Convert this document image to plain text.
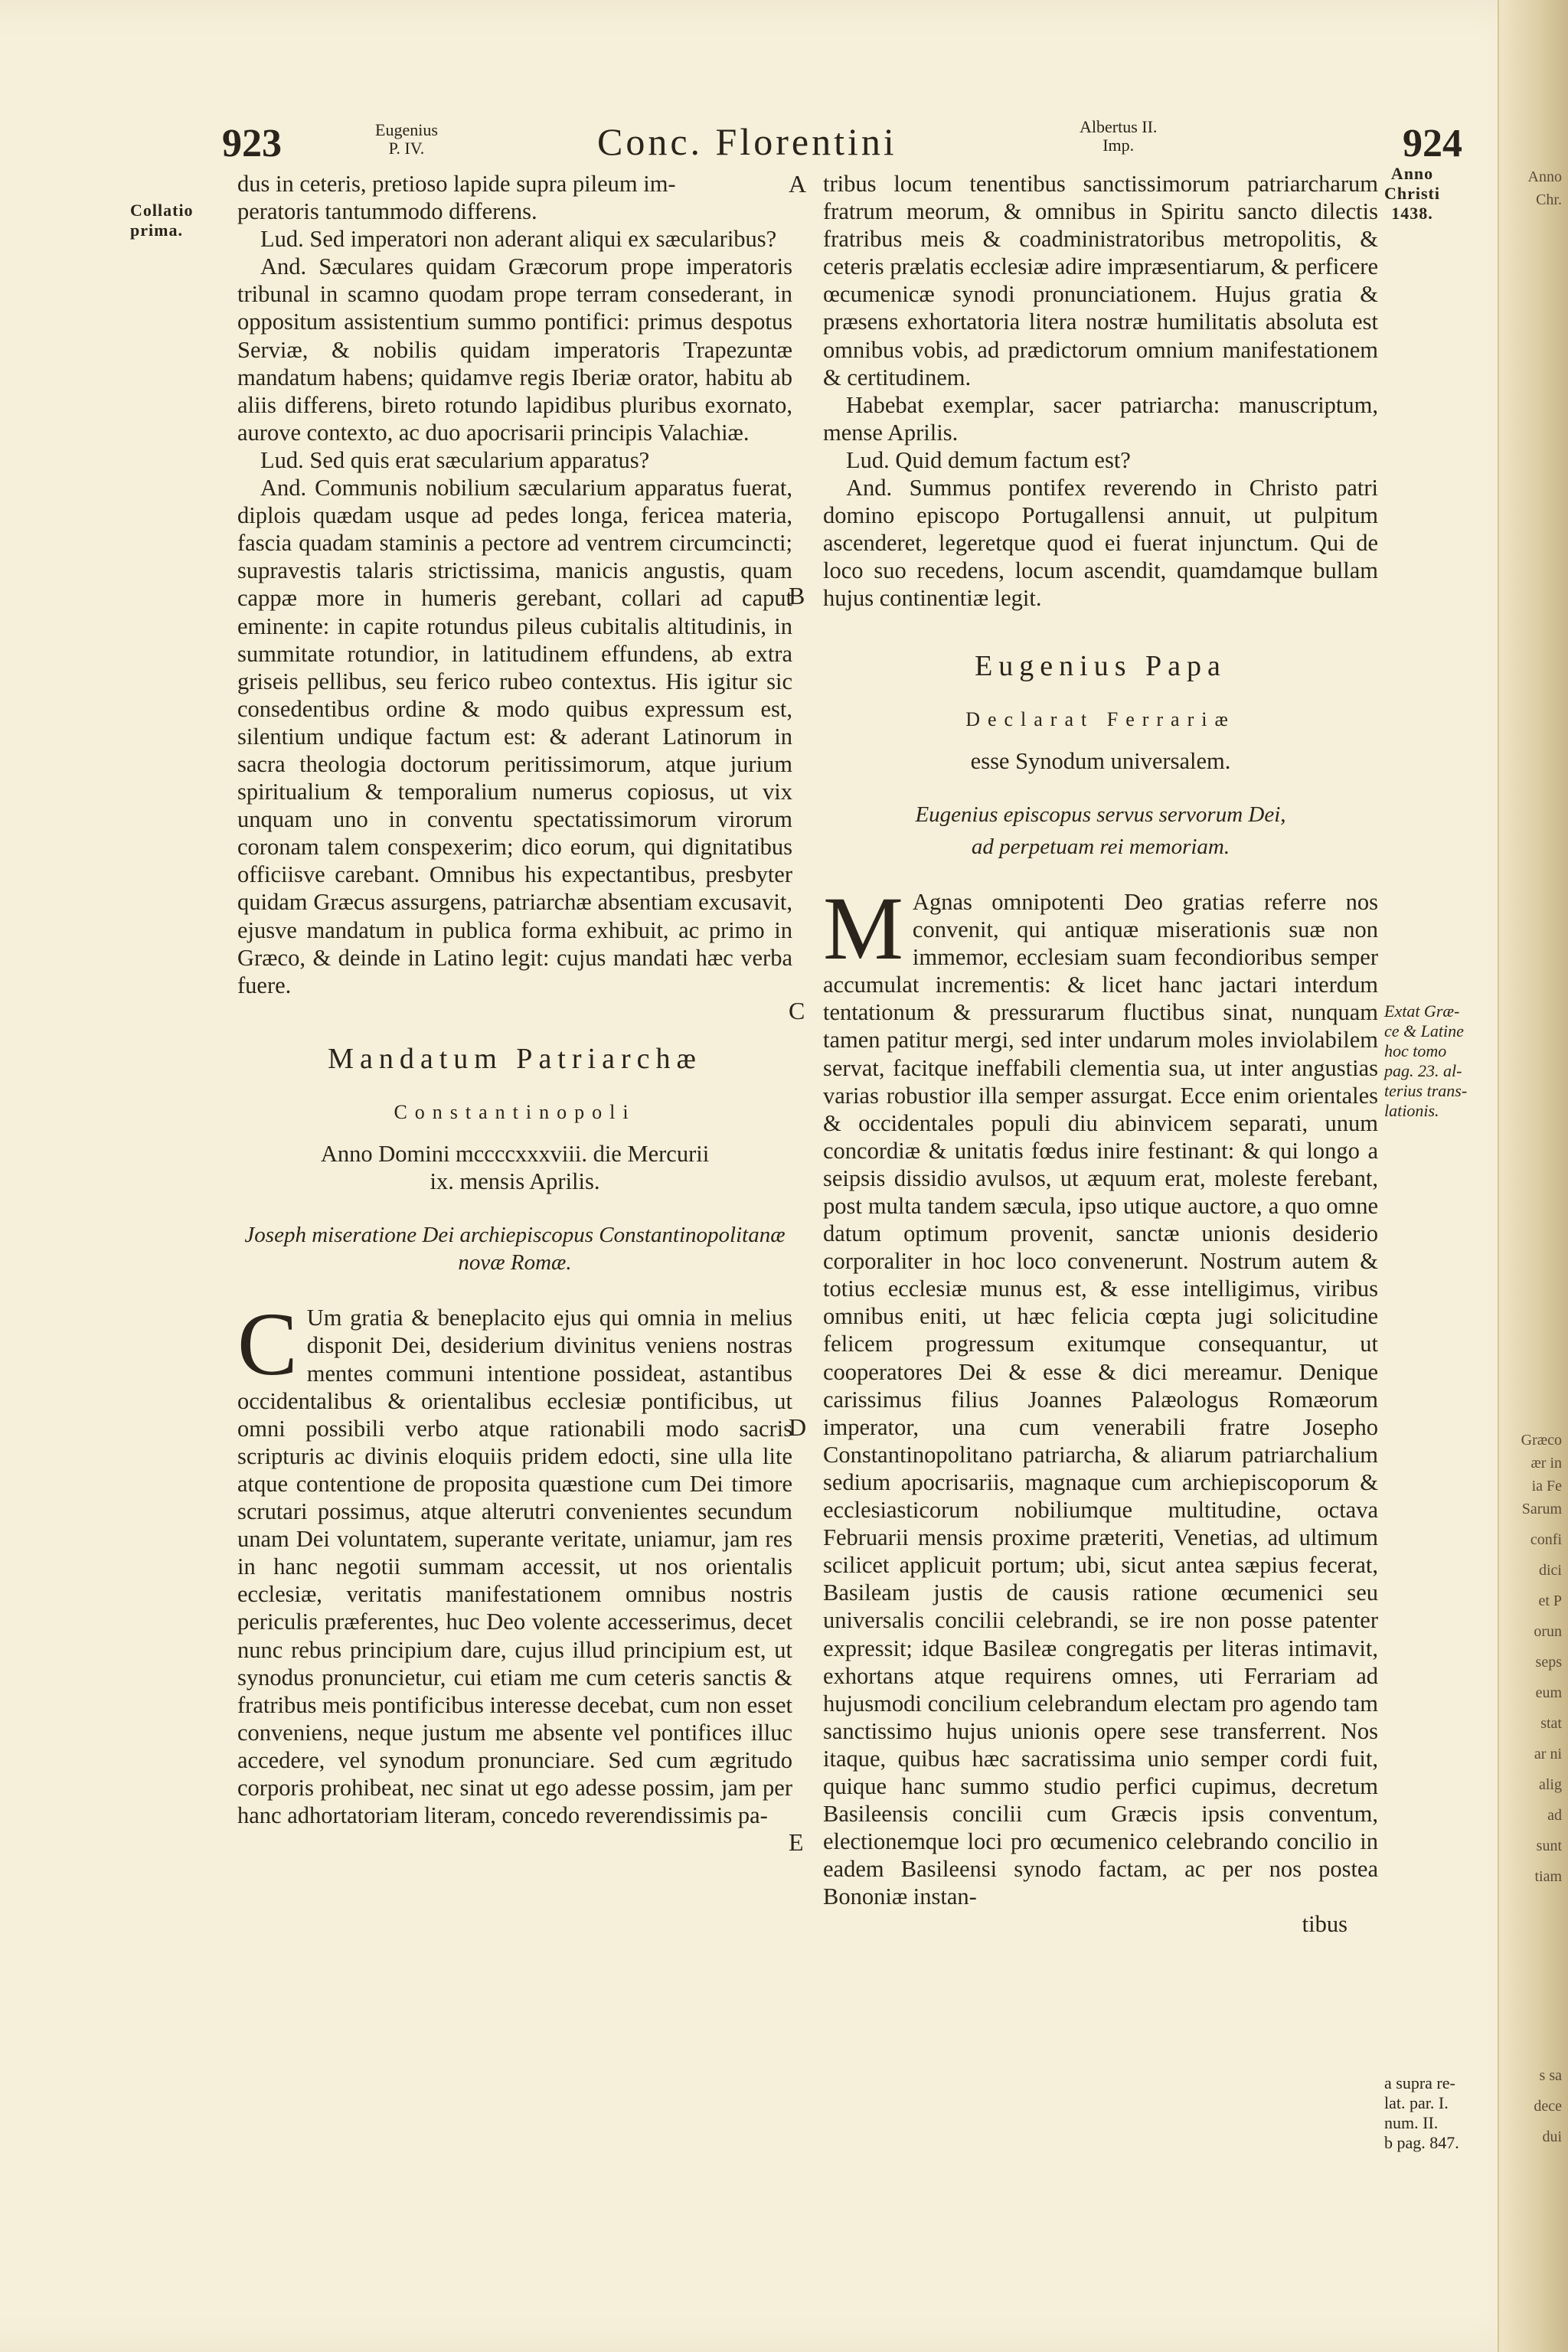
Anno
Chr.
Græco
ær in
ia Fe
Sarum
confi
dici
et P
orun
seps
eum
stat
ar ni
alig
ad
sunt
tiam
s sa
dece
dui
923	Eugenius
P. IV.	Conc. Florentini	Albertus II.
Imp.	924
Collatio
prima.
Anno
Christi
1438.
Extat Græ-
ce & Latine
hoc tomo
pag. 23. al-
terius trans-
lationis.
a supra re-
lat. par. I.
num. II.
b pag. 847.
A
B
C
D
E

dus in ceteris, pretioso lapide supra pileum im-

peratoris tantummodo differens.

Lud. Sed imperatori non aderant aliqui ex sæcularibus?

And. Sæculares quidam Græcorum prope imperatoris tribunal in scamno quodam prope terram consederant, in oppositum assistentium summo pontifici: primus despotus Serviæ, & nobilis quidam imperatoris Trapezuntæ mandatum habens; quidamve regis Iberiæ orator, habitu ab aliis differens, bireto rotundo lapidibus pluribus exornato, aurove contexto, ac duo apocrisarii principis Valachiæ.

Lud. Sed quis erat sæcularium apparatus?

And. Communis nobilium sæcularium apparatus fuerat, diplois quædam usque ad pedes longa, fericea materia, fascia quadam staminis a pectore ad ventrem circumcincti; supravestis talaris strictissima, manicis angustis, quam cappæ more in humeris gerebant, collari ad caput eminente: in capite rotundus pileus cubitalis altitudinis, in summitate rotundior, in latitudinem effundens, ab extra griseis pellibus, seu ferico rubeo contextus. His igitur sic consedentibus ordine & modo quibus expressum est, silentium undique factum est: & aderant Latinorum in sacra theologia doctorum peritissimorum, atque jurium spiritualium & temporalium numerus copiosus, ut vix unquam uno in conventu spectatissimorum virorum coronam talem conspexerim; dico eorum, qui dignitatibus officiisve carebant. Omnibus his expectantibus, presbyter quidam Græcus assurgens, patriarchæ absentiam excusavit, ejusve mandatum in publica forma exhibuit, ac primo in Græco, & deinde in Latino legit: cujus mandati hæc verba fuere.

Mandatum Patriarchæ
Constantinopoli
Anno Domini mccccxxxviii. die Mercurii
ix. mensis Aprilis.
Joseph miseratione Dei archiepiscopus Constantinopolitanæ novæ Romæ.

C Um gratia & beneplacito ejus qui omnia in melius disponit Dei, desiderium divinitus veniens nostras mentes communi intentione possideat, astantibus occidentalibus & orientalibus ecclesiæ pontificibus, ut omni possibili verbo atque rationabili modo sacris scripturis ac divinis eloquiis pridem edocti, sine ulla lite atque contentione de proposita quæstione cum Dei timore scrutari possimus, atque alterutri convenientes secundum unam Dei voluntatem, superante veritate, uniamur, jam res in hanc negotii summam accessit, ut nos orientalis ecclesiæ, veritatis manifestationem omnibus nostris periculis præferentes, huc Deo volente accesserimus, decet nunc rebus principium dare, cujus illud principium est, ut synodus pronuncietur, cui etiam me cum ceteris sanctis & fratribus meis pontificibus interesse decebat, cum non esset conveniens, neque justum me absente vel pontifices illuc accedere, vel synodum pronunciare. Sed cum ægritudo corporis prohibeat, nec sinat ut ego adesse possim, jam per hanc adhortatoriam literam, concedo reverendissimis pa-

tribus locum tenentibus sanctissimorum patriarcharum fratrum meorum, & omnibus in Spiritu sancto dilectis fratribus meis & coadministratoribus metropolitis, & ceteris prælatis ecclesiæ adire impræsentiarum, & perficere œcumenicæ synodi pronunciationem. Hujus gratia & præsens exhortatoria litera nostræ humilitatis absoluta est omnibus vobis, ad prædictorum omnium manifestationem & certitudinem.

Habebat exemplar, sacer patriarcha: manuscriptum, mense Aprilis.

Lud. Quid demum factum est?

And. Summus pontifex reverendo in Christo patri domino episcopo Portugallensi annuit, ut pulpitum ascenderet, legeretque quod ei fuerat injunctum. Qui de loco suo recedens, locum ascendit, quamdamque bullam hujus continentiæ legit.

Eugenius Papa
Declarat Ferrariæ
esse Synodum universalem.
Eugenius episcopus servus servorum Dei,
ad perpetuam rei memoriam.

M Agnas omnipotenti Deo gratias referre nos convenit, qui antiquæ miserationis suæ non immemor, ecclesiam suam fecondioribus semper accumulat incrementis: & licet hanc jactari interdum tentationum & pressurarum fluctibus sinat, nunquam tamen patitur mergi, sed inter undarum moles inviolabilem servat, facitque ineffabili clementia sua, ut inter angustias varias robustior illa semper assurgat. Ecce enim orientales & occidentales populi diu abinvicem separati, unum concordiæ & unitatis fœdus inire festinant: & qui longo a seipsis dissidio avulsos, ut æquum erat, moleste ferebant, post multa tandem sæcula, ipso utique auctore, a quo omne datum optimum provenit, sanctæ unionis desiderio corporaliter in hoc loco convenerunt. Nostrum autem & totius ecclesiæ munus est, & esse intelligimus, viribus omnibus eniti, ut hæc felicia cœpta jugi solicitudine felicem progressum exitumque consequantur, ut cooperatores Dei & esse & dici mereamur. Denique carissimus filius Joannes Palæologus Romæorum imperator, una cum venerabili fratre Josepho Constantinopolitano patriarcha, & aliarum patriarchalium sedium apocrisariis, magnaque cum archiepiscoporum & ecclesiasticorum nobiliumque multitudine, octava Februarii mensis proxime præteriti, Venetias, ad ultimum scilicet applicuit portum; ubi, sicut antea sæpius fecerat, Basileam justis de causis ratione œcumenici seu universalis concilii celebrandi, se ire non posse patenter expressit; idque Basileæ congregatis per literas intimavit, exhortans atque requirens omnes, uti Ferrariam ad hujusmodi concilium celebrandum electam pro agendo tam sanctissimo hujus unionis opere sese transferrent. Nos itaque, quibus hæc sacratissima unio semper cordi fuit, quique hanc summo studio perfici cupimus, decretum Basileensis concilii cum Græcis ipsis conventum, electionemque loci pro œcumenico celebrando concilio in eadem Basileensi synodo factam, ac per nos postea Bononiæ instan-

tibus
